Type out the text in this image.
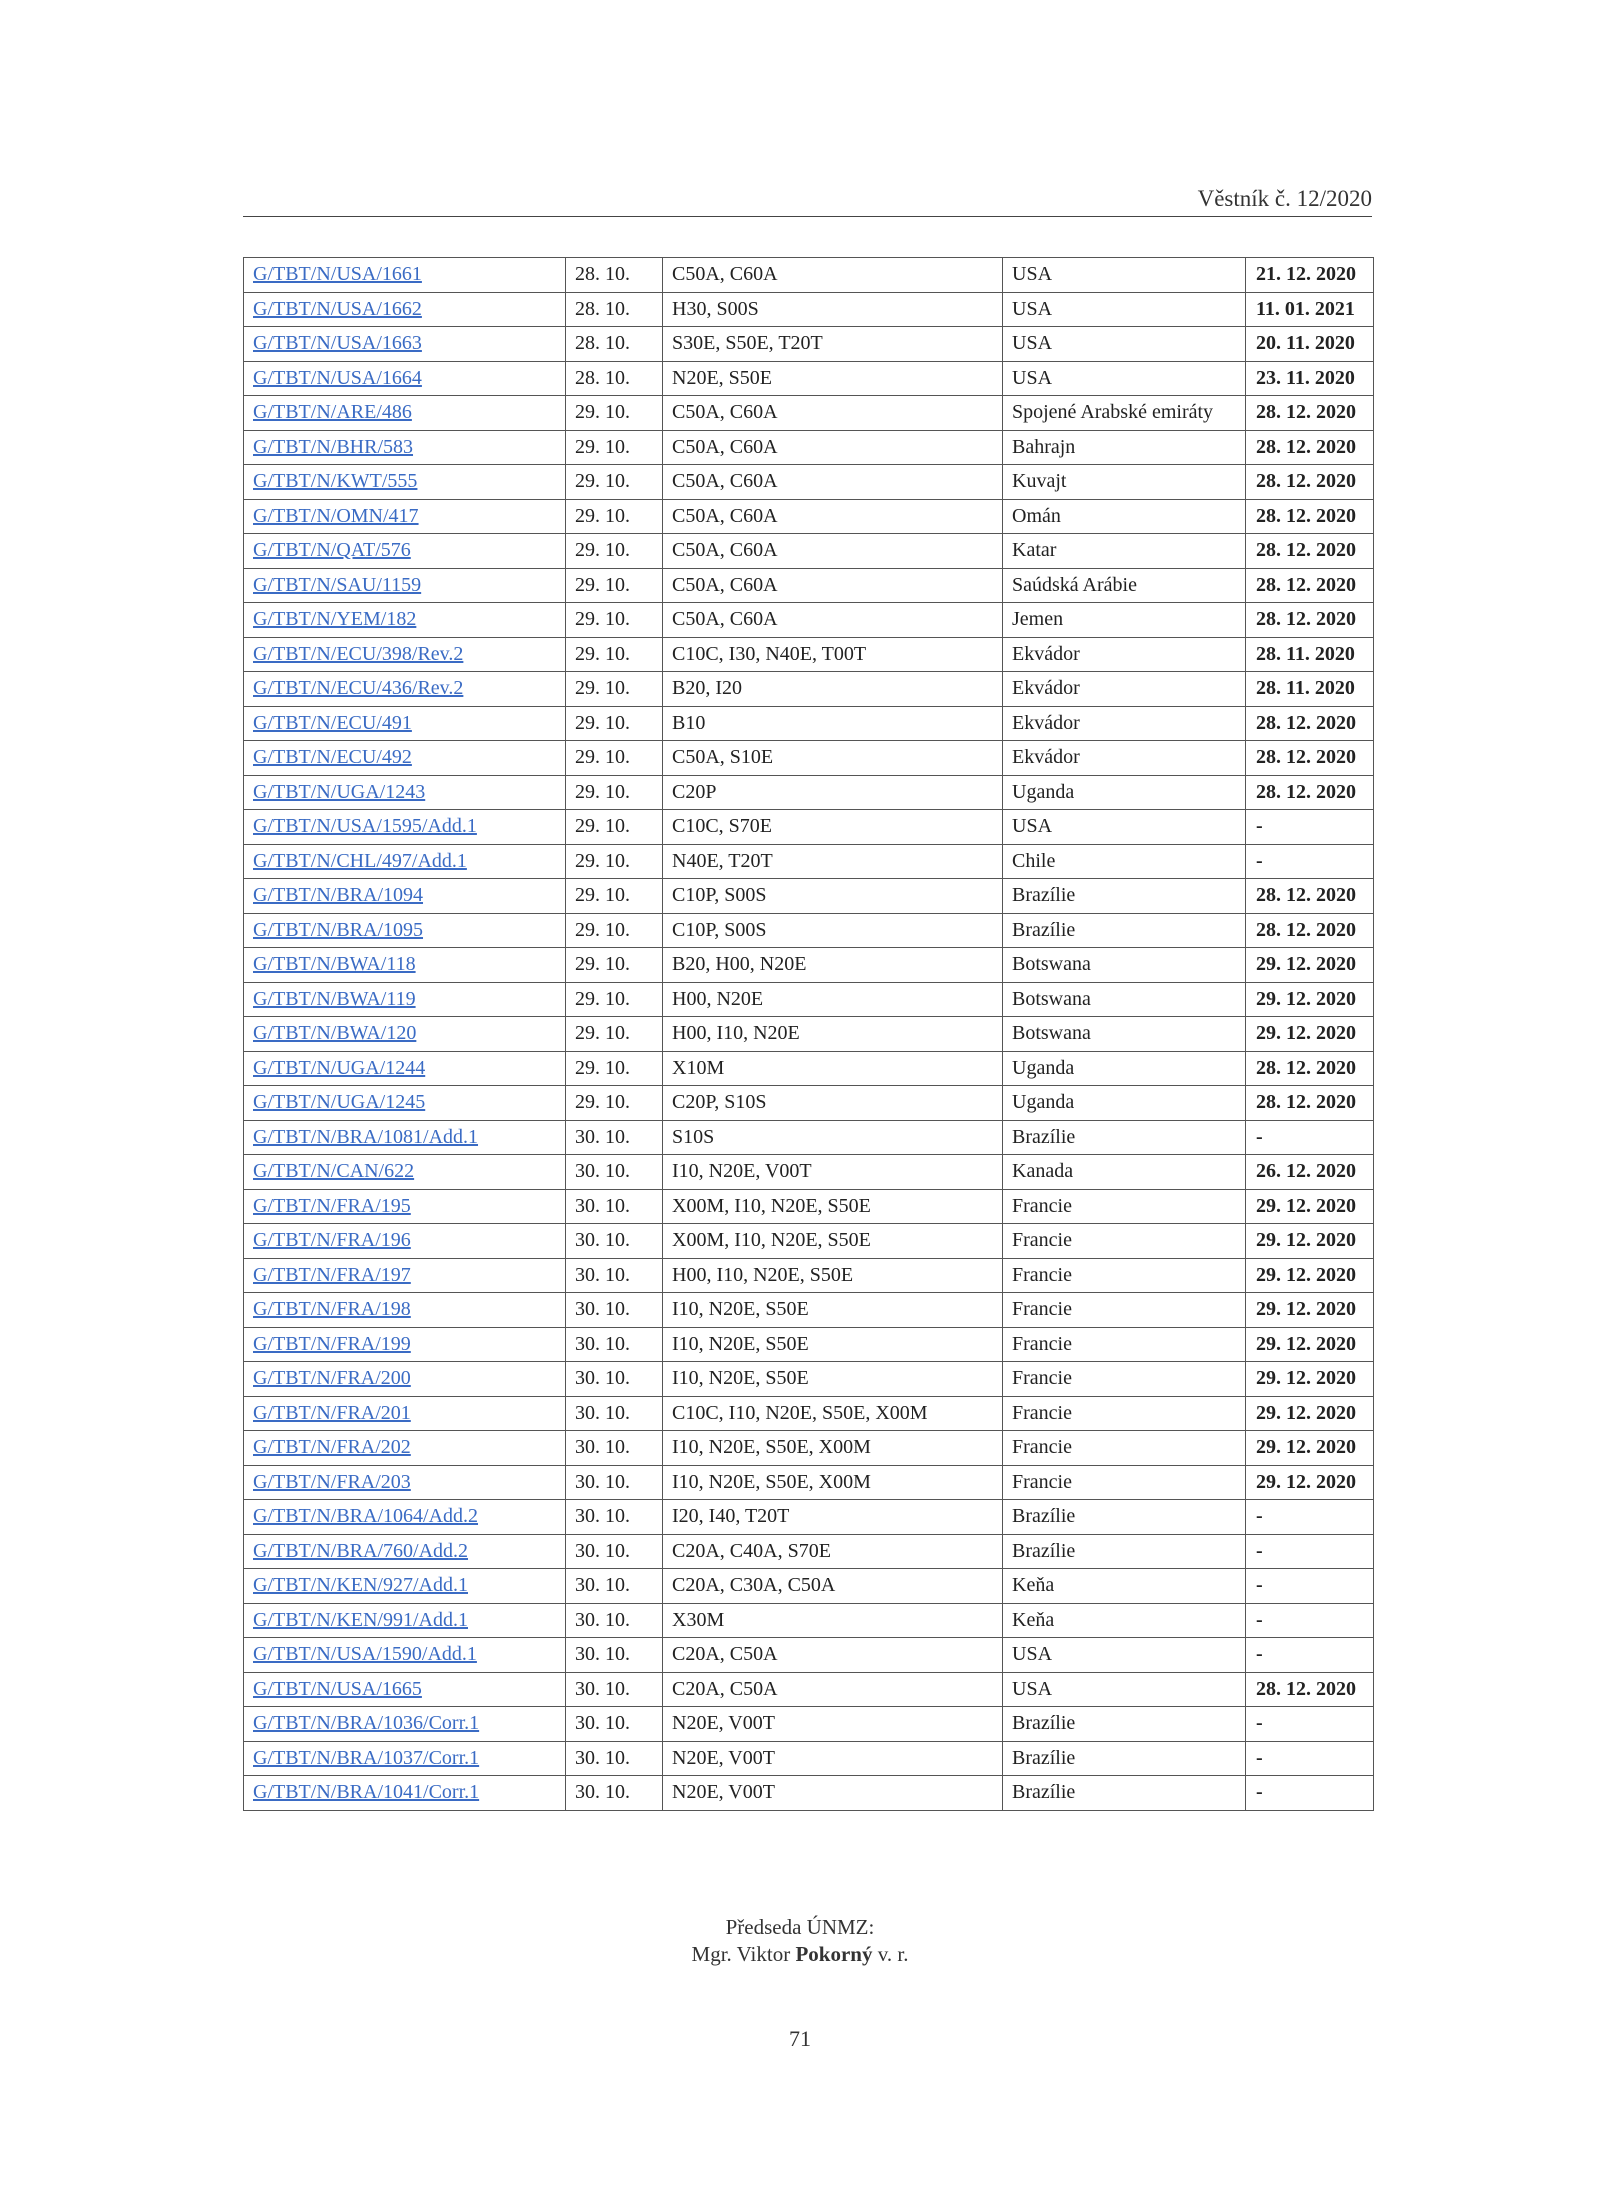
Věstník č. 12/2020
G/TBT/N/USA/1661	28. 10.	C50A, C60A	USA	21. 12. 2020
G/TBT/N/USA/1662	28. 10.	H30, S00S	USA	11. 01. 2021
G/TBT/N/USA/1663	28. 10.	S30E, S50E, T20T	USA	20. 11. 2020
G/TBT/N/USA/1664	28. 10.	N20E, S50E	USA	23. 11. 2020
G/TBT/N/ARE/486	29. 10.	C50A, C60A	Spojené Arabské emiráty	28. 12. 2020
G/TBT/N/BHR/583	29. 10.	C50A, C60A	Bahrajn	28. 12. 2020
G/TBT/N/KWT/555	29. 10.	C50A, C60A	Kuvajt	28. 12. 2020
G/TBT/N/OMN/417	29. 10.	C50A, C60A	Omán	28. 12. 2020
G/TBT/N/QAT/576	29. 10.	C50A, C60A	Katar	28. 12. 2020
G/TBT/N/SAU/1159	29. 10.	C50A, C60A	Saúdská Arábie	28. 12. 2020
G/TBT/N/YEM/182	29. 10.	C50A, C60A	Jemen	28. 12. 2020
G/TBT/N/ECU/398/Rev.2	29. 10.	C10C, I30, N40E, T00T	Ekvádor	28. 11. 2020
G/TBT/N/ECU/436/Rev.2	29. 10.	B20, I20	Ekvádor	28. 11. 2020
G/TBT/N/ECU/491	29. 10.	B10	Ekvádor	28. 12. 2020
G/TBT/N/ECU/492	29. 10.	C50A, S10E	Ekvádor	28. 12. 2020
G/TBT/N/UGA/1243	29. 10.	C20P	Uganda	28. 12. 2020
G/TBT/N/USA/1595/Add.1	29. 10.	C10C, S70E	USA	-
G/TBT/N/CHL/497/Add.1	29. 10.	N40E, T20T	Chile	-
G/TBT/N/BRA/1094	29. 10.	C10P, S00S	Brazílie	28. 12. 2020
G/TBT/N/BRA/1095	29. 10.	C10P, S00S	Brazílie	28. 12. 2020
G/TBT/N/BWA/118	29. 10.	B20, H00, N20E	Botswana	29. 12. 2020
G/TBT/N/BWA/119	29. 10.	H00, N20E	Botswana	29. 12. 2020
G/TBT/N/BWA/120	29. 10.	H00, I10, N20E	Botswana	29. 12. 2020
G/TBT/N/UGA/1244	29. 10.	X10M	Uganda	28. 12. 2020
G/TBT/N/UGA/1245	29. 10.	C20P, S10S	Uganda	28. 12. 2020
G/TBT/N/BRA/1081/Add.1	30. 10.	S10S	Brazílie	-
G/TBT/N/CAN/622	30. 10.	I10, N20E, V00T	Kanada	26. 12. 2020
G/TBT/N/FRA/195	30. 10.	X00M, I10, N20E, S50E	Francie	29. 12. 2020
G/TBT/N/FRA/196	30. 10.	X00M, I10, N20E, S50E	Francie	29. 12. 2020
G/TBT/N/FRA/197	30. 10.	H00, I10, N20E, S50E	Francie	29. 12. 2020
G/TBT/N/FRA/198	30. 10.	I10, N20E, S50E	Francie	29. 12. 2020
G/TBT/N/FRA/199	30. 10.	I10, N20E, S50E	Francie	29. 12. 2020
G/TBT/N/FRA/200	30. 10.	I10, N20E, S50E	Francie	29. 12. 2020
G/TBT/N/FRA/201	30. 10.	C10C, I10, N20E, S50E, X00M	Francie	29. 12. 2020
G/TBT/N/FRA/202	30. 10.	I10, N20E, S50E, X00M	Francie	29. 12. 2020
G/TBT/N/FRA/203	30. 10.	I10, N20E, S50E, X00M	Francie	29. 12. 2020
G/TBT/N/BRA/1064/Add.2	30. 10.	I20, I40, T20T	Brazílie	-
G/TBT/N/BRA/760/Add.2	30. 10.	C20A, C40A, S70E	Brazílie	-
G/TBT/N/KEN/927/Add.1	30. 10.	C20A, C30A, C50A	Keňa	-
G/TBT/N/KEN/991/Add.1	30. 10.	X30M	Keňa	-
G/TBT/N/USA/1590/Add.1	30. 10.	C20A, C50A	USA	-
G/TBT/N/USA/1665	30. 10.	C20A, C50A	USA	28. 12. 2020
G/TBT/N/BRA/1036/Corr.1	30. 10.	N20E, V00T	Brazílie	-
G/TBT/N/BRA/1037/Corr.1	30. 10.	N20E, V00T	Brazílie	-
G/TBT/N/BRA/1041/Corr.1	30. 10.	N20E, V00T	Brazílie	-
Předseda ÚNMZ:
Mgr. Viktor Pokorný v. r.
71
